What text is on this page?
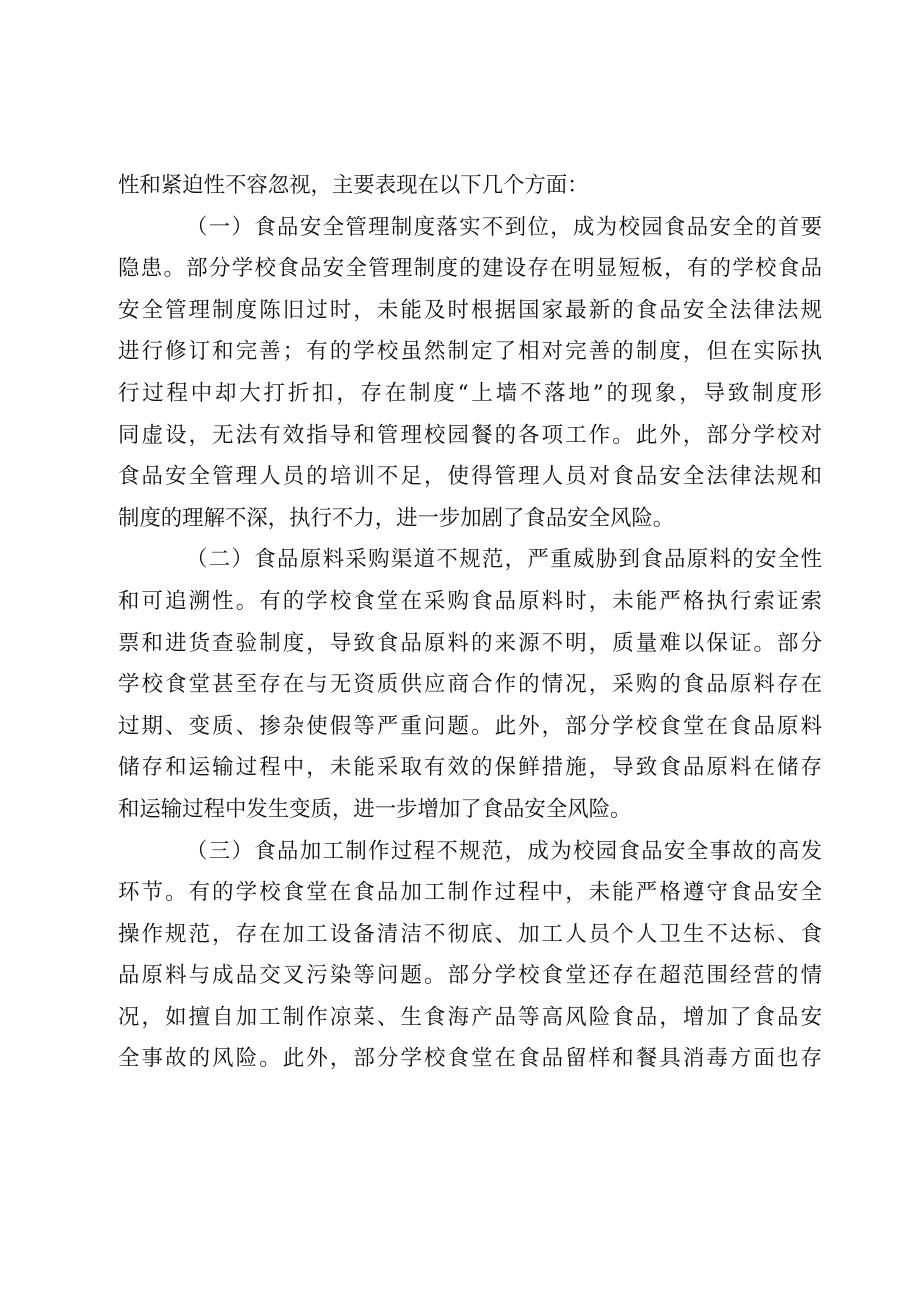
性和紧迫性不容忽视，主要表现在以下几个方面：
（一）食品安全管理制度落实不到位，成为校园食品安全的首要
隐患。部分学校食品安全管理制度的建设存在明显短板，有的学校食品
安全管理制度陈旧过时，未能及时根据国家最新的食品安全法律法规
进行修订和完善；有的学校虽然制定了相对完善的制度，但在实际执
行过程中却大打折扣，存在制度“上墙不落地”的现象，导致制度形
同虚设，无法有效指导和管理校园餐的各项工作。此外，部分学校对
食品安全管理人员的培训不足，使得管理人员对食品安全法律法规和
制度的理解不深，执行不力，进一步加剧了食品安全风险。
（二）食品原料采购渠道不规范，严重威胁到食品原料的安全性
和可追溯性。有的学校食堂在采购食品原料时，未能严格执行索证索
票和进货查验制度，导致食品原料的来源不明，质量难以保证。部分
学校食堂甚至存在与无资质供应商合作的情况，采购的食品原料存在
过期、变质、掺杂使假等严重问题。此外，部分学校食堂在食品原料
储存和运输过程中，未能采取有效的保鲜措施，导致食品原料在储存
和运输过程中发生变质，进一步增加了食品安全风险。
（三）食品加工制作过程不规范，成为校园食品安全事故的高发
环节。有的学校食堂在食品加工制作过程中，未能严格遵守食品安全
操作规范，存在加工设备清洁不彻底、加工人员个人卫生不达标、食
品原料与成品交叉污染等问题。部分学校食堂还存在超范围经营的情
况，如擅自加工制作凉菜、生食海产品等高风险食品，增加了食品安
全事故的风险。此外，部分学校食堂在食品留样和餐具消毒方面也存
